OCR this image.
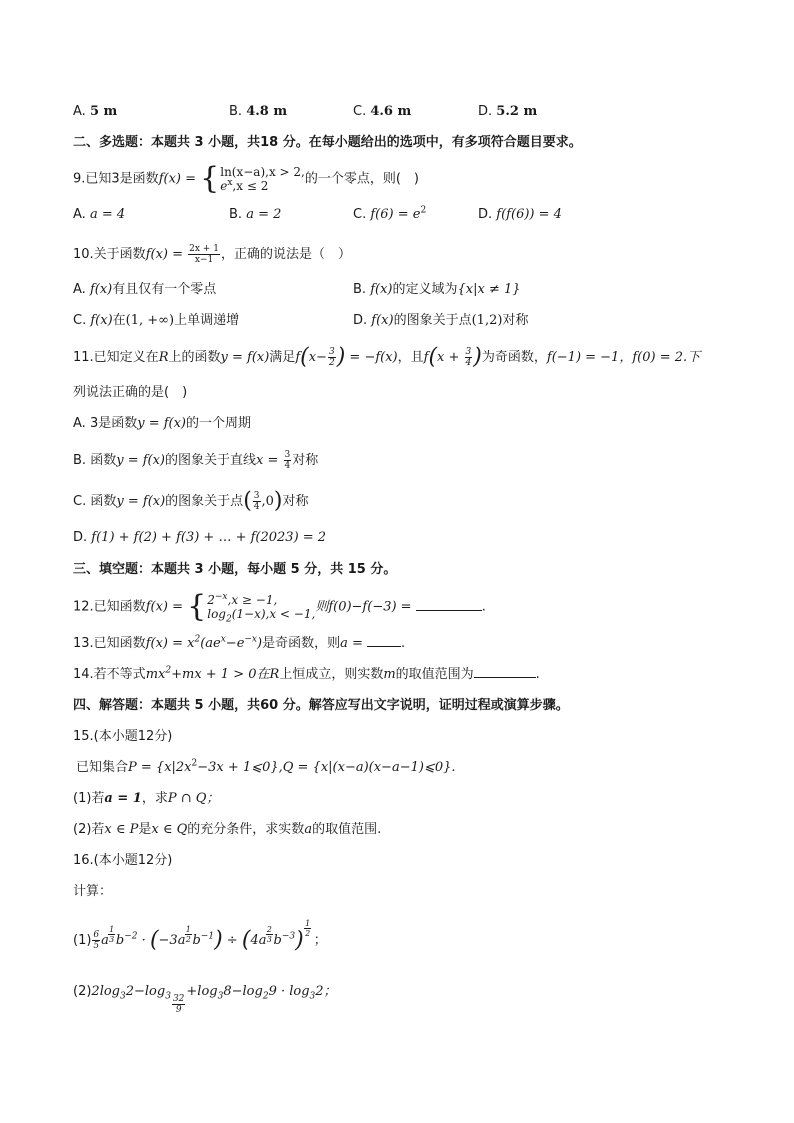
A. 5 m	B. 4.8 m	C. 4.6 m	D. 5.2 m
二、多选题：本题共 3 小题，共18 分。在每小题给出的选项中，有多项符合题目要求。
9.已知3是函数f(x) = { ln(x−a),x > 2,
$e^x,x \le 2$	的一个零点，则(　)
A. a = 4	B. a = 2	C. $f(6) = e^2$	D. f(f(6)) = 4
10.关于函数$f(x) = \frac{2x + 1}{x-1}$ ，正确的说法是（　）
A. f(x)有且仅有一个零点	B. f(x)的定义域为{x|x ≠ 1}
C. f(x)在(1, +∞)上单调递增	D. f(x)的图象关于点(1,2)对称
11.已知定义在R上的函数y = f(x)满足$f(x- \frac{3}{2}$ ) = −f(x)，且$f(x + \frac{3}{4}$ )为奇函数，f(−1) = −1，f(0) = 2.下
列说法正确的是(　)
A. 3是函数y = f(x)的一个周期
B. 函数y = f(x)的图象关于直线$x = \frac{3}{4}$ 对称
C. 函数y = f(x)的图象关于点( $\frac{3}{4} ,0$)对称
D. f(1) + f(2) + f(3) + … + f(2023) = 2
三、填空题：本题共 3 小题，每小题 5 分，共 15 分。
12.已知函数f(x) = { $2^{-x},x \ge -1$,
$\log_2(1-x),x < -1$, 则f(0)−f(−3) =	.
13.已知函数$f(x) = x^2(ae^x-e^{-x})$是奇函数，则a =	.
14.若不等式$mx^2+mx + 1 > 0$在R上恒成立，则实数m的取值范围为	.
四、解答题：本题共 5 小题，共60 分。解答应写出文字说明，证明过程或演算步骤。
15.(本小题12分)
已知集合$P = \{x|2x^2-3x$ + 1⩽0},Q = {x|(x−a)(x−a−1)⩽0}.
(1)若a = 1，求P ∩ Q；
(2)若x ∈ P是x ∈ Q的充分条件，求实数a的取值范围.
16.(本小题12分)
计算：
$(1) \frac{6}{5}$ a $\frac{1}{3} b^{-2} \cdot (-3a \frac{1}{2} b^{-1}) \div (4a \frac{2}{3} b^{-3}) \frac{1}{2}$
；
$(2)2\log_32-\log_3 \frac{32}{9}$
$+\log_38-\log_29 \cdot \log_32$；
